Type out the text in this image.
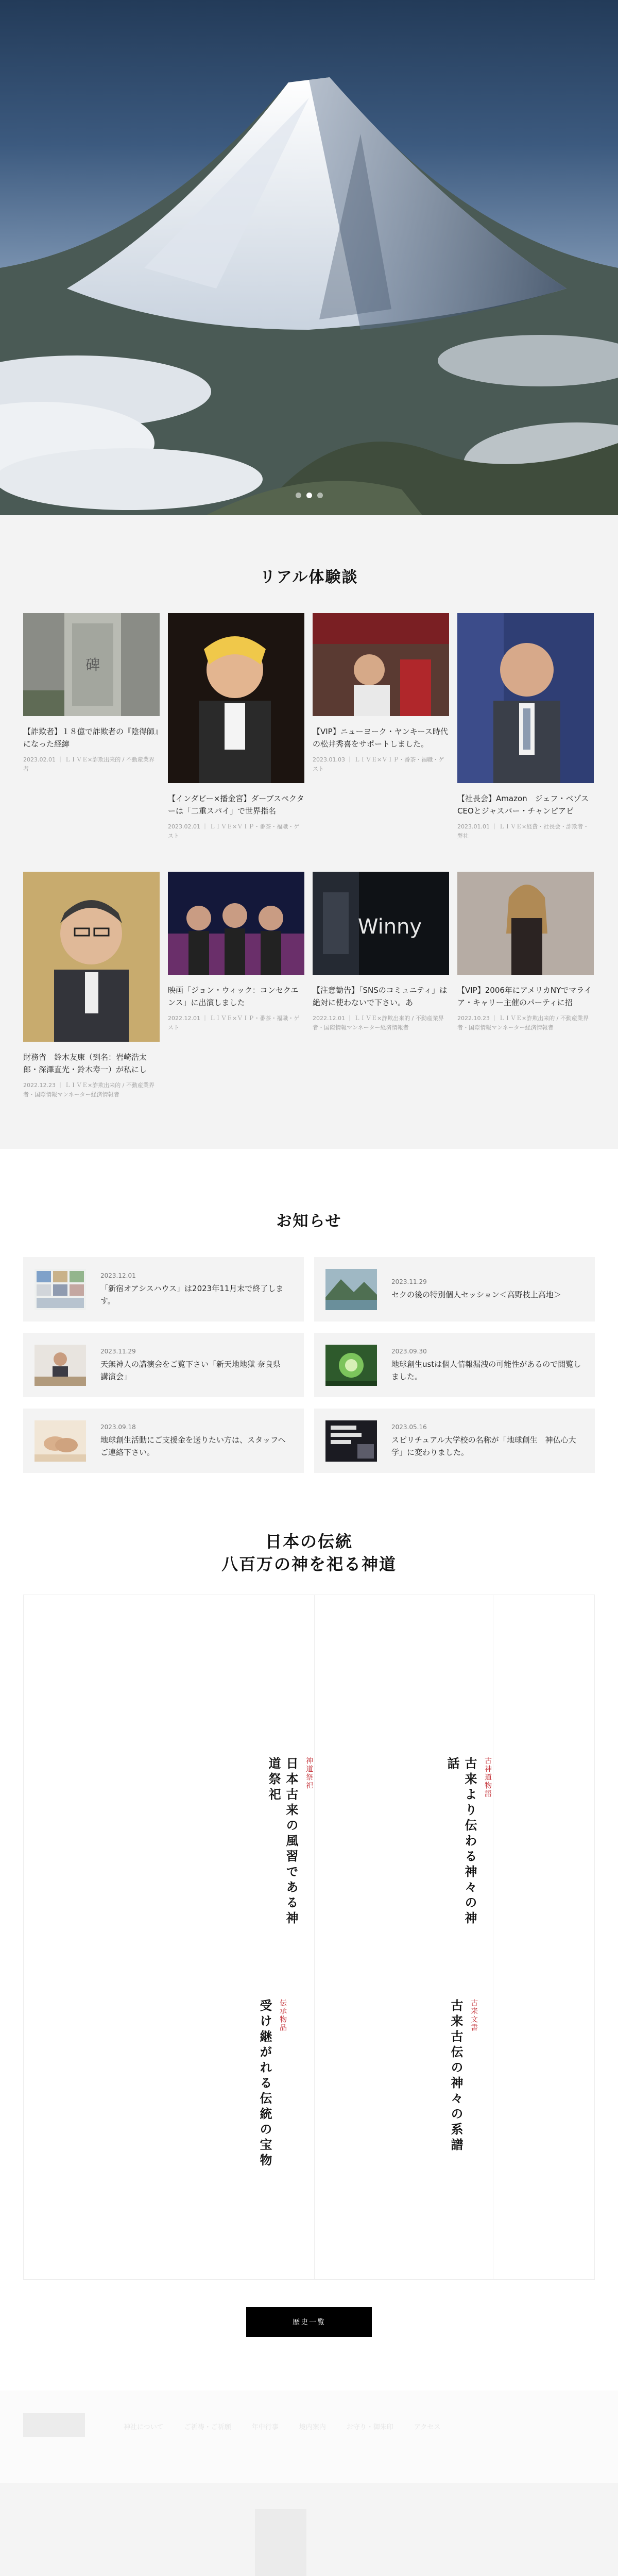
リアル体験談
碑

【詐欺者】１８億で詐欺者の『陰得師』になった経緯

2023.02.01 ｜ ＬＩＶＥ×詐欺出来的 / 不動産業界者

【インダビー×播金宮】ダーブスペクターは「二重スパイ」で世界指名

2023.02.01 ｜ ＬＩＶＥ×ＶＩＰ・番茶・福職・ゲスト

【VIP】ニューヨーク・ヤンキース時代の松井秀喜をサポートしました。

2023.01.03 ｜ ＬＩＶＥ×ＶＩＰ・番茶・福職・ゲスト

【社長会】Amazon　ジェフ・ベゾスCEOとジャスパー・チャンピアビ

2023.01.01 ｜ ＬＩＶＥ×経費・社長会・詐欺者・弊社

財務省　鈴木友康（到名：岩崎浩太郎・深澤直光・鈴木寿一）が私にし

2022.12.23 ｜ ＬＩＶＥ×詐欺出来的 / 不動産業界者・国際情報マンネーター経済情報者

映画「ジョン・ウィック：コンセクエンス」に出演しました

2022.12.01 ｜ ＬＩＶＥ×ＶＩＰ・番茶・福職・ゲスト

Winny

【注意勧告】「SNSのコミュニティ」は絶対に使わないで下さい。あ

2022.12.01 ｜ ＬＩＶＥ×詐欺出来的 / 不動産業界者・国際情報マンネーター経済情報者

【VIP】2006年にアメリカNYでマライア・キャリー主催のパーティに招

2022.10.23 ｜ ＬＩＶＥ×詐欺出来的 / 不動産業界者・国際情報マンネーター経済情報者

お知らせ

2023.12.01

「新宿オアシスハウス」は2023年11月末で終了します。

2023.11.29

セクの後の特別個人セッション＜高野枝上高地＞

2023.11.29

天無神人の講演会をご覧下さい「新天地地獄 奈良県　講演会」

2023.09.30

地球創生ustは個人情報漏洩の可能性があるので閲覧しました。

2023.09.18

地球創生活動にご支援金を送りたい方は、スタッフへご連絡下さい。

2023.05.16

スピリチュアル大学校の名称が「地球創生　神仏心大学」に変わりました。

日本の伝統
八百万の神を祀る神道
神道祭祀
日本古来の風習である神道祭祀	古神道物語
古来より伝わる神々の神話
伝承物品
受け継がれる伝統の宝物	古来文書
古来古伝の神々の系譜
歴史一覧
神社について	ご祈祷・ご祈願	年中行事	境内案内	お守り・御朱印	アクセス
